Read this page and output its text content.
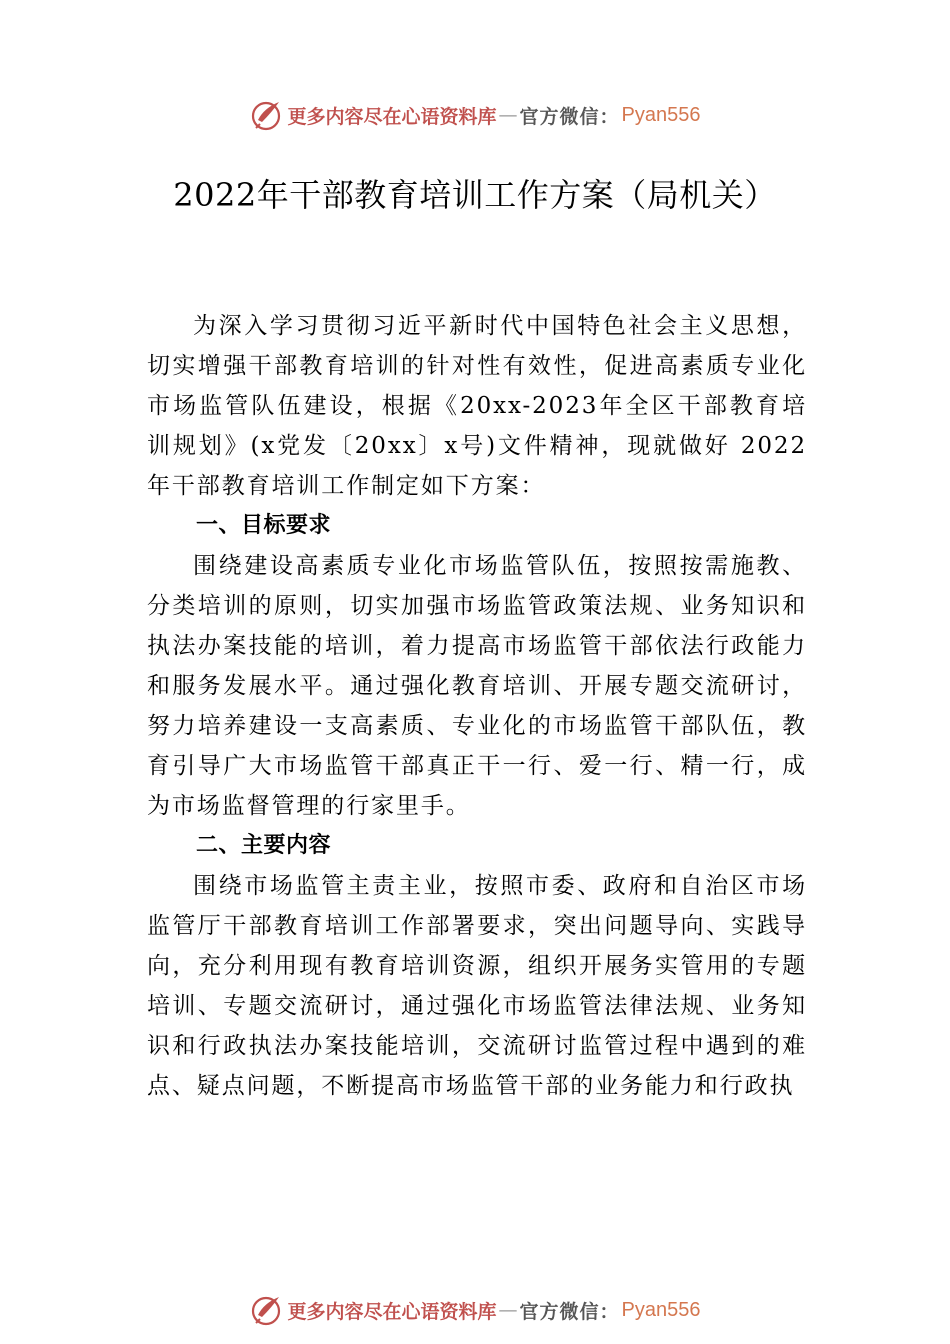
更多内容尽在心语资料库 — 官方微信： Pyan556
2022年干部教育培训工作方案（局机关）

为深入学习贯彻习近平新时代中国特色社会主义思想，切实增强干部教育培训的针对性有效性，促进高素质专业化市场监管队伍建设，根据《20xx-2023年全区干部教育培训规划》(x党发〔20xx〕x号)文件精神，现就做好 2022年干部教育培训工作制定如下方案：

一、目标要求

围绕建设高素质专业化市场监管队伍，按照按需施教、分类培训的原则，切实加强市场监管政策法规、业务知识和执法办案技能的培训，着力提高市场监管干部依法行政能力和服务发展水平。通过强化教育培训、开展专题交流研讨，努力培养建设一支高素质、专业化的市场监管干部队伍，教育引导广大市场监管干部真正干一行、爱一行、精一行，成为市场监督管理的行家里手。

二、主要内容

围绕市场监管主责主业，按照市委、政府和自治区市场监管厅干部教育培训工作部署要求，突出问题导向、实践导向，充分利用现有教育培训资源，组织开展务实管用的专题培训、专题交流研讨，通过强化市场监管法律法规、业务知识和行政执法办案技能培训，交流研讨监管过程中遇到的难点、疑点问题，不断提高市场监管干部的业务能力和行政执

更多内容尽在心语资料库 — 官方微信： Pyan556
